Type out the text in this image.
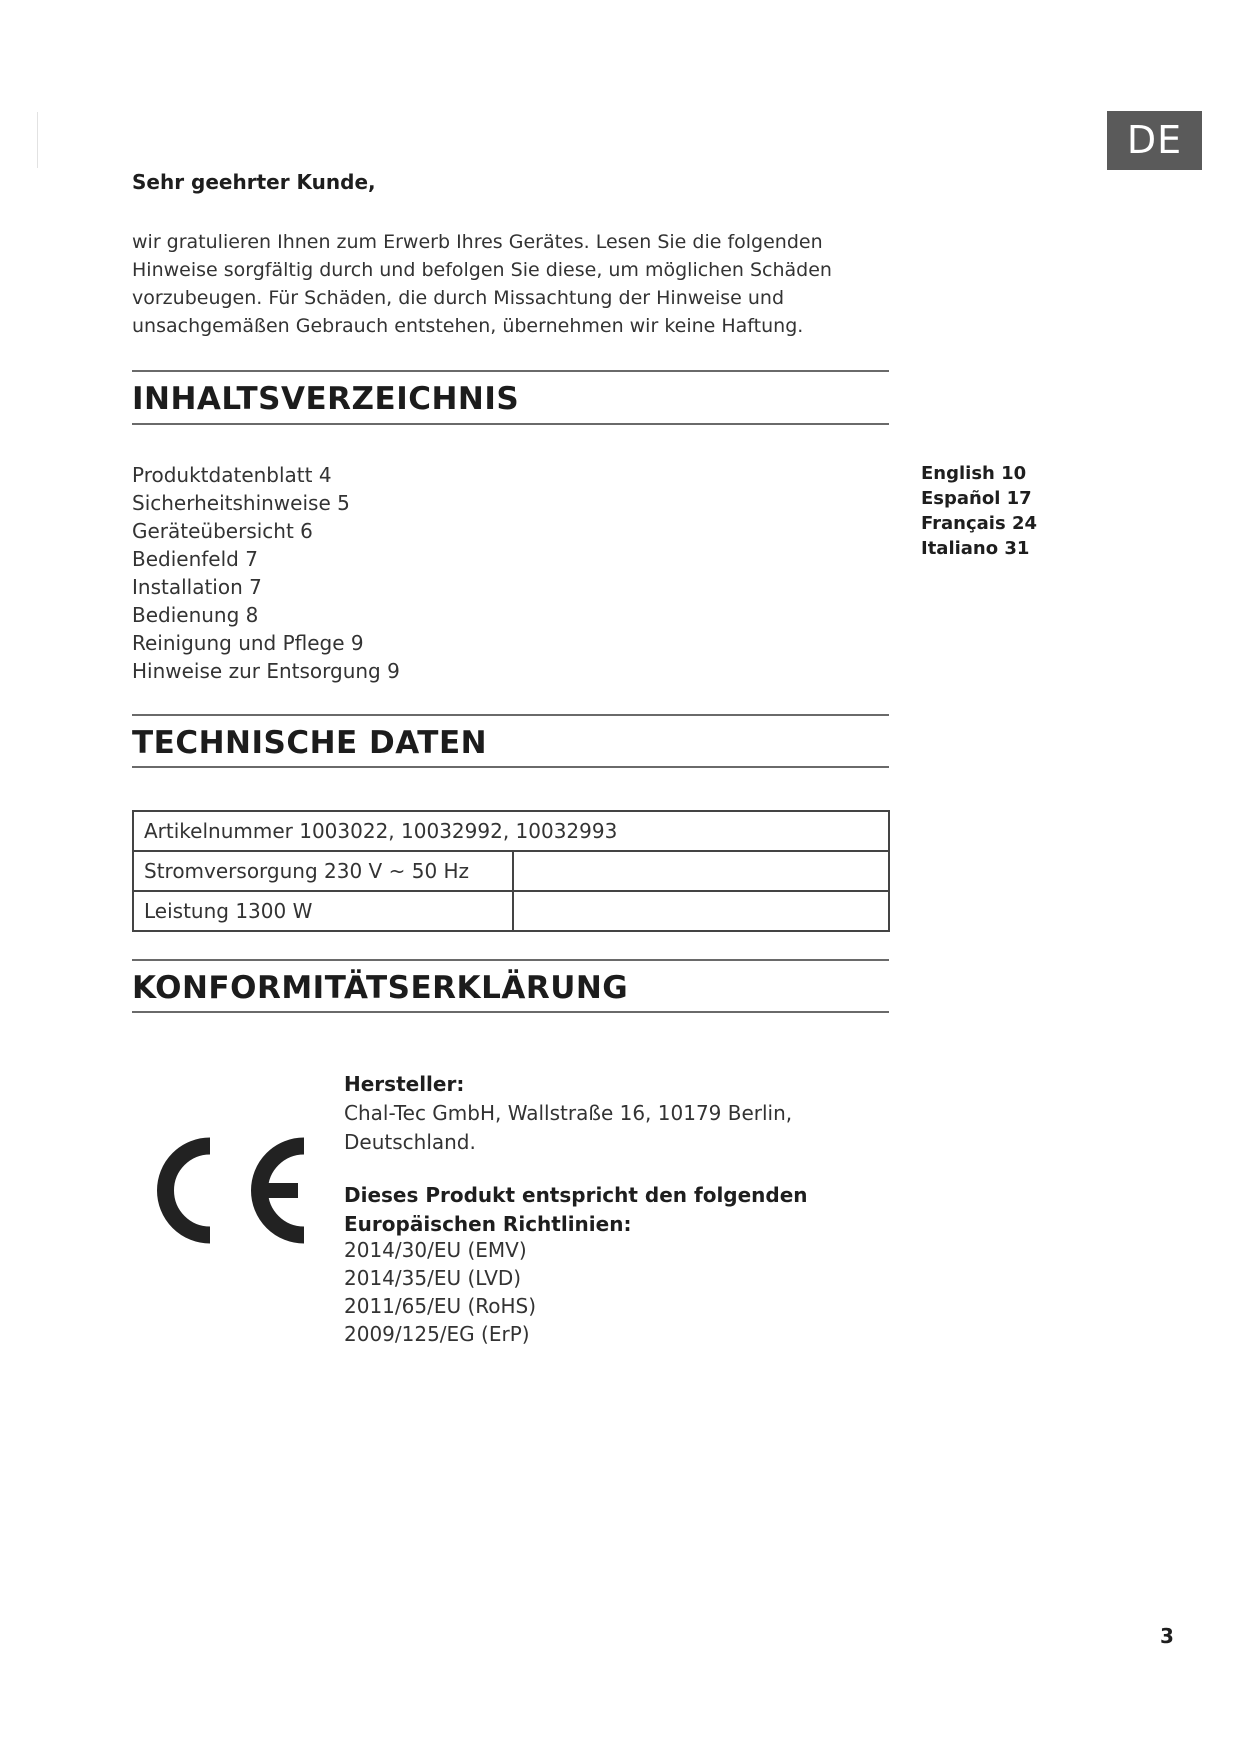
DE
Sehr geehrter Kunde,
wir gratulieren Ihnen zum Erwerb Ihres Gerätes. Lesen Sie die folgenden Hinweise sorgfältig durch und befolgen Sie diese, um möglichen Schäden vorzubeugen. Für Schäden, die durch Missachtung der Hinweise und unsachgemäßen Gebrauch entstehen, übernehmen wir keine Haftung.
INHALTSVERZEICHNIS
Produktdatenblatt 4
Sicherheitshinweise 5
Geräteübersicht 6
Bedienfeld 7
Installation 7
Bedienung 8
Reinigung und Pflege 9
Hinweise zur Entsorgung 9
English 10
Español 17
Français 24
Italiano 31
TECHNISCHE DATEN
Artikelnummer 1003022, 10032992, 10032993	
Stromversorgung 230 V ~ 50 Hz	
Leistung 1300 W	
KONFORMITÄTSERKLÄRUNG

Hersteller:

Chal-Tec GmbH, Wallstraße 16, 10179 Berlin, Deutschland.

Dieses Produkt entspricht den folgenden Europäischen Richtlinien:

2014/30/EU (EMV)
2014/35/EU (LVD)
2011/65/EU (RoHS)
2009/125/EG (ErP)
3
